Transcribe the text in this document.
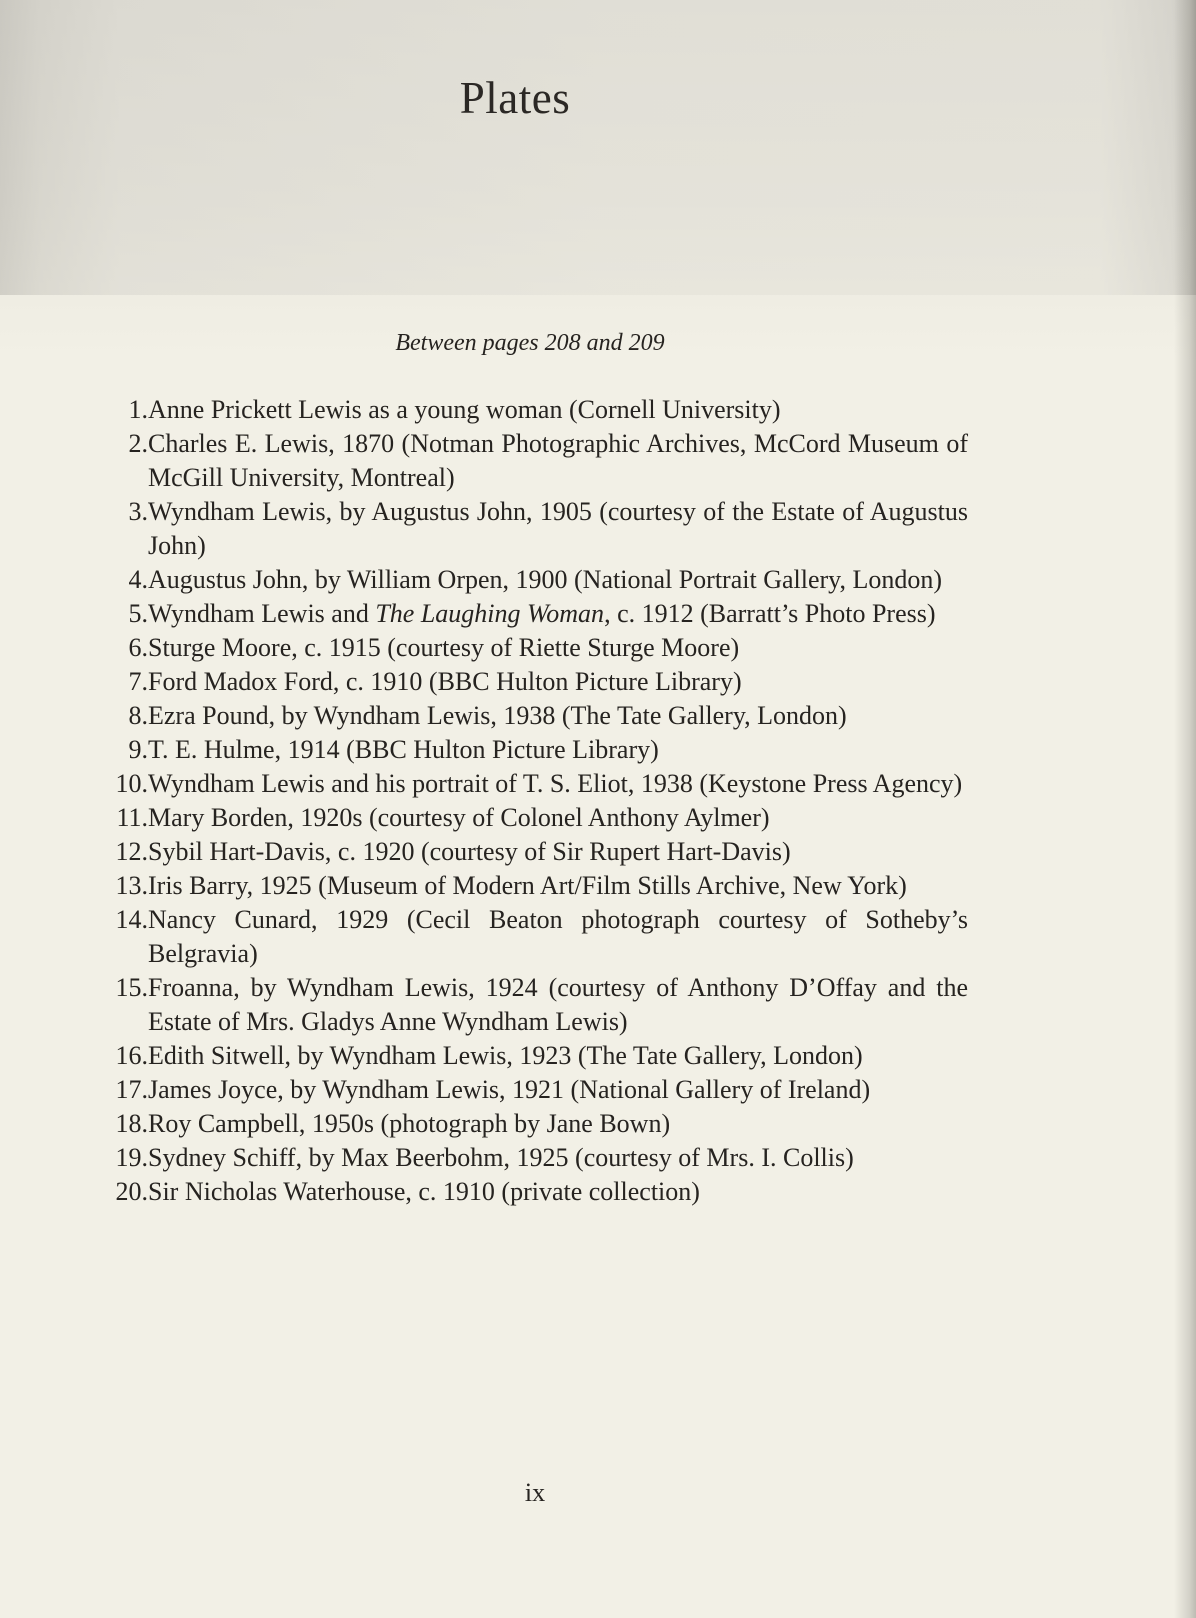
Plates
Between pages 208 and 209
1. Anne Prickett Lewis as a young woman (Cornell University)
2. Charles E. Lewis, 1870 (Notman Photographic Archives, McCord Museum of McGill University, Montreal)
3. Wyndham Lewis, by Augustus John, 1905 (courtesy of the Estate of Augustus John)
4. Augustus John, by William Orpen, 1900 (National Portrait Gallery, London)
5. Wyndham Lewis and The Laughing Woman, c. 1912 (Barratt’s Photo Press)
6. Sturge Moore, c. 1915 (courtesy of Riette Sturge Moore)
7. Ford Madox Ford, c. 1910 (BBC Hulton Picture Library)
8. Ezra Pound, by Wyndham Lewis, 1938 (The Tate Gallery, London)
9. T. E. Hulme, 1914 (BBC Hulton Picture Library)
10. Wyndham Lewis and his portrait of T. S. Eliot, 1938 (Keystone Press Agency)
11. Mary Borden, 1920s (courtesy of Colonel Anthony Aylmer)
12. Sybil Hart-Davis, c. 1920 (courtesy of Sir Rupert Hart-Davis)
13. Iris Barry, 1925 (Museum of Modern Art/Film Stills Archive, New York)
14. Nancy Cunard, 1929 (Cecil Beaton photograph courtesy of Sotheby’s Belgravia)
15. Froanna, by Wyndham Lewis, 1924 (courtesy of Anthony D’Offay and the Estate of Mrs. Gladys Anne Wyndham Lewis)
16. Edith Sitwell, by Wyndham Lewis, 1923 (The Tate Gallery, London)
17. James Joyce, by Wyndham Lewis, 1921 (National Gallery of Ireland)
18. Roy Campbell, 1950s (photograph by Jane Bown)
19. Sydney Schiff, by Max Beerbohm, 1925 (courtesy of Mrs. I. Collis)
20. Sir Nicholas Waterhouse, c. 1910 (private collection)
ix
